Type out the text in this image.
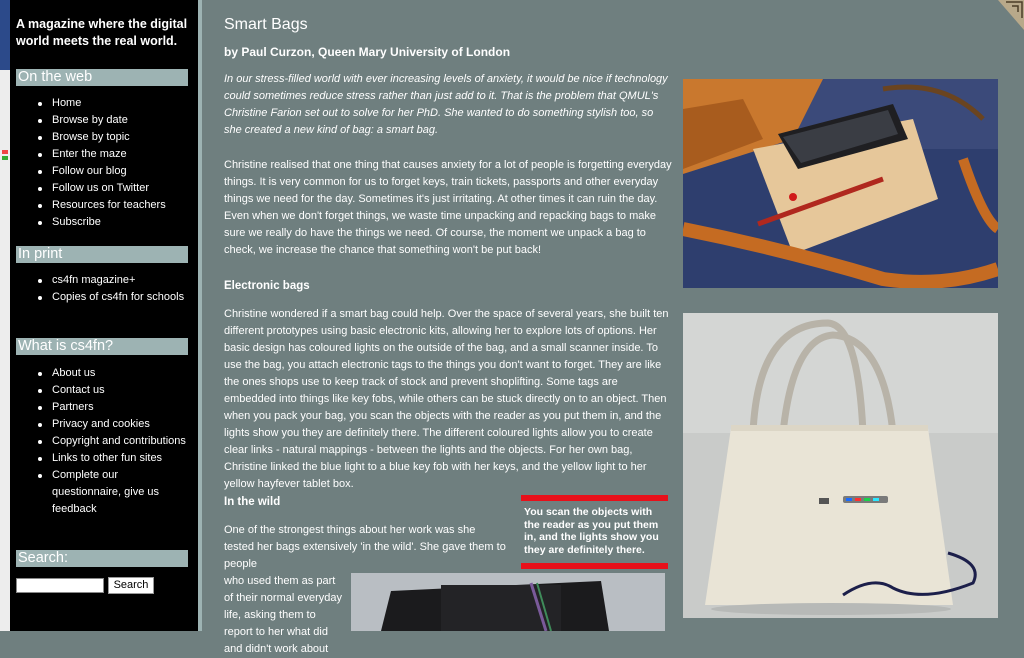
A magazine where the digital world meets the real world.
On the web
Home
Browse by date
Browse by topic
Enter the maze
Follow our blog
Follow us on Twitter
Resources for teachers
Subscribe
In print
cs4fn magazine+
Copies of cs4fn for schools
What is cs4fn?
About us
Contact us
Partners
Privacy and cookies
Copyright and contributions
Links to other fun sites
Complete our questionnaire, give us feedback
Search:
Search
Smart Bags
by Paul Curzon, Queen Mary University of London

In our stress-filled world with ever increasing levels of anxiety, it would be nice if technology could sometimes reduce stress rather than just add to it. That is the problem that QMUL's Christine Farion set out to solve for her PhD. She wanted to do something stylish too, so she created a new kind of bag: a smart bag.

Christine realised that one thing that causes anxiety for a lot of people is forgetting everyday things. It is very common for us to forget keys, train tickets, passports and other everyday things we need for the day. Sometimes it's just irritating. At other times it can ruin the day. Even when we don't forget things, we waste time unpacking and repacking bags to make sure we really do have the things we need. Of course, the moment we unpack a bag to check, we increase the chance that something won't be put back!

Electronic bags

Christine wondered if a smart bag could help. Over the space of several years, she built ten different prototypes using basic electronic kits, allowing her to explore lots of options. Her basic design has coloured lights on the outside of the bag, and a small scanner inside. To use the bag, you attach electronic tags to the things you don't want to forget. They are like the ones shops use to keep track of stock and prevent shoplifting. Some tags are embedded into things like key fobs, while others can be stuck directly on to an object. Then when you pack your bag, you scan the objects with the reader as you put them in, and the lights show you they are definitely there. The different coloured lights allow you to create clear links - natural mappings - between the lights and the objects. For her own bag, Christine linked the blue light to a blue key fob with her keys, and the yellow light to her yellow hayfever tablet box.

In the wild

One of the strongest things about her work was she tested her bags extensively 'in the wild'. She gave them to people

who used them as part of their normal everyday life, asking them to report to her what did and didn't work about

You scan the objects with the reader as you put them in, and the lights show you they are definitely there.
